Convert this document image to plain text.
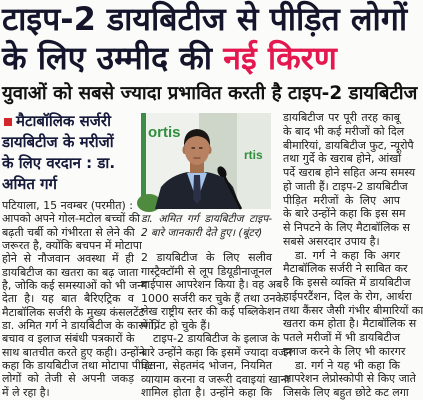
टाइप-2 डायबिटीज से पीड़ित लोगों
के लिए उम्मीद की नई किरण
युवाओं को सबसे ज्यादा प्रभावित करती है टाइप-2 डायबिटीज
मैटाबॉलिक सर्जरी
डायबिटीज के मरीजों
के लिए वरदान : डा.
अमित गर्ग
पटियाला, 15 नवम्बर (परमीत) :
आपको अपने गोल-मटोल बच्चों की
बढ़ती चर्बी को गंभीरता से लेने की
जरूरत है, क्योंकि बचपन में मोटापा
होने से नौजवान अवस्था में ही
डायबिटीज का खतरा का बढ़ जाता
है, जोकि कई समस्याओं को भी जन्म
देता है। यह बात बैरिएट्रिक व
मैटाबॉलिक सर्जरी के मुख्य कंसलटेंट
डा. अमित गर्ग ने डायबिटीज के कारणों,
बचाव व इलाज संबंधी पत्रकारों के
साथ बातचीत करते हुए कही। उन्होंने
कहा कि डायबिटीज तथा मोटापा पीड़ित
लोगों को तेजी से अपनी जकड़
में ले रहा है।
ortis
rtis
डा. अमित गर्ग डायबिटीज टाइप-
2 बारे जानकारी देते हुए। (बूंटर)
2 डायबिटीज के लिए सलीव
गास्ट्रैक्टॉमी से लूप डियूडीनाजूनल
बाईपास आपरेशन किया है। वह अब
1000 सर्जरी कर चुके हैं तथा उनके
लेख राष्ट्रीय स्तर की कई पब्लिकेशन
में प्रिंट हो चुके हैं।
टाइप-2 डायबिटीज के इलाज के
बारे उन्होंने कहा कि इसमें ज्यादा वजन
घटाना, सेहतमंद भोजन, नियमित
व्यायाम करना व जरूरी दवाइयां खाना
शामिल होता है। उन्होंने कहा कि
डायबिटीज पर पूरी तरह काबू
के बाद भी कई मरीजों को दिल
बीमारियां, डायबिटीज फुट, न्यूरोपै
तथा गुर्दे के खराब होने, आंखों
पर्दे खराब होने सहित अन्य समस्य
हो जाती हैं। टाइप-2 डायबिटीज
पीड़ित मरीजों के लिए आप
के बारे उन्होंने कहा कि इस सम
से निपटने के लिए मैटाबॉलिक स
सबसे असरदार उपाय है।
डा. गर्ग ने कहा कि अगर
मैटाबॉलिक सर्जरी ने साबित कर
है कि इससे व्यक्ति में डायबिटीज
हाईपरटैंशन, दिल के रोग, आर्थरा
तथा कैंसर जैसी गंभीर बीमारियों का
खतरा कम होता है। मैटाबॉलिक स
पतले मरीजों में भी डायबिटीज
इलाज करने के लिए भी कारगर
डा. गर्ग ने यह भी कहा कि
आपरेशन लेप्रोस्कोपी से किए जाते
जिसके लिए बहुत छोटे कट लगा
